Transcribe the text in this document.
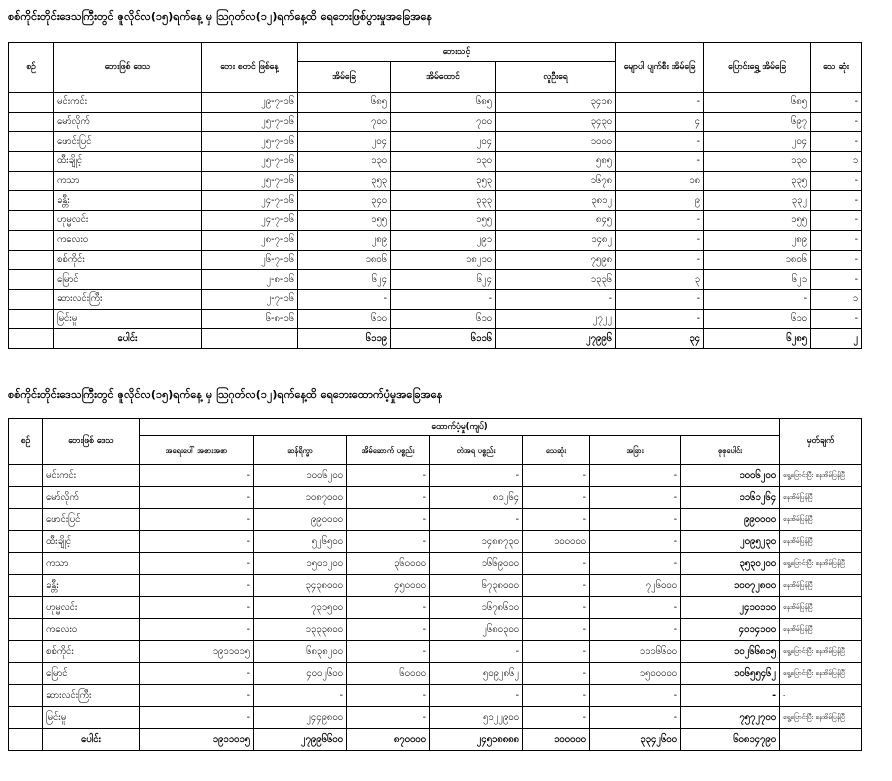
စစ်ကိုင်းတိုင်းဒေသကြီးတွင် ဇူလိုင်လ(၁၅)ရက်နေ့ မှ ဩဂုတ်လ(၁၂)ရက်နေ့ထိ ရေဘေးဖြစ်ပွားမှုအခြေအနေ
စဉ်	ဘေးဖြစ် ဒေသ	ဘေး စတင် ဖြစ်နေ့	ဘေးသင့်			မျောပါ ပျက်စီး အိမ်ခြေ	ပြောင်းရွှေ့ အိမ်ခြေ	သေ ဆုံး
			အိမ်ခြေ	အိမ်ထောင်	လူဦးရေ			
	မင်းကင်း	၂၉-၇-၁၆	၆၈၅	၆၈၅	၃၄၁၈	-	၆၈၅	-
	မော်လိုက်	၂၅-၇-၁၆	၇၀၀	၇၀၀	၃၄၃၀	၄	၆၉၇	-
	ဖောင်းပြင်	၂၅-၇-၁၆	၂၀၄	၂၀၄	၁၀၀၀	-	၂၀၄	-
	ထီးချိုင့်	၂၅-၇-၁၆	၁၃၀	၁၃၀	၅၈၅	-	၁၃၀	၁
	ကသာ	၂၅-၇-၁၆	၃၅၃	၃၅၃	၁၆၇၈	၁၈	၃၃၅	-
	ခန္တီး	၂၄-၇-၁၆	၃၄၀	၃၃၃	၃၈၁၂	၉	၃၃၂	-
	ဟုမ္မလင်း	၂၄-၇-၁၆	၁၅၅	၁၅၅	၈၄၅	-	၁၅၅	-
	ကလေးဝ	၂၈-၇-၁၆	၂၈၉	၂၉၁	၁၄၈၂	-	၂၈၉	-
	စစ်ကိုင်း	၂၆-၇-၁၆	၁၈၀၆	၁၈၂၁၀	၇၅၉၈	-	၁၈၀၆	-
	မြောင်	၂-၈-၁၆	၆၂၄	၆၂၄	၁၃၃၆	၃	၆၂၁	-
	ဆားလင်းကြီး	၂-၇-၁၆	-	-	-	-	-	၁
	မြင်းမူ	၆-၈-၁၆	၆၁၀	၆၁၀	၂၇၂၂	-	၆၁၀	-
	ပေါင်း		၆၁၁၉	၆၁၁၆	၂၇၉၉၆	၃၄	၆၂၈၅	၂
စစ်ကိုင်းတိုင်းဒေသကြီးတွင် ဇူလိုင်လ(၁၅)ရက်နေ့ မှ ဩဂုတ်လ(၁၂)ရက်နေ့ထိ ရေဘေးထောက်ပံ့မှုအခြေအနေ
စဉ်	ဘေးဖြစ် ဒေသ	ထောက်ပံ့မှု(ကျပ်)							မှတ်ချက်
		အရေးပေါ် အစားအစာ	ဆန်ရိက္ခာ	အိမ်ဆောက် ပစ္စည်း	တဲအရ ပစ္စည်း	သေဆုံး	အခြား	စုစုပေါင်း	
	မင်းကင်း	-	၁၀၀၆၂၀၀	-	-	-	-	၁၀၀၆၂၀၀	ရွေ့ပြောင်းပြီး နေအိမ်ပြန်ပြီ
	မော်လိုက်	-	၁၀၈၇၀၀၀	-	၈၁၂၆၄	-	-	၁၁၆၁၂၆၄	နေအိမ်ပြန်ပြီ
	ဖောင်းပြင်	-	၉၉၀၀၀၀	-	-	-	-	၉၉၀၀၀၀	နေအိမ်ပြန်ပြီ
	ထီးချိုင့်	-	၅၂၆၅၀၀	-	၁၄၈၈၇၃၀	၁၀၀၀၀၀	-	၂၀၉၅၂၃၀	နေအိမ်ပြန်ပြီ
	ကသာ	-	၁၅၀၁၂၀၀	၃၆၀၀၀၀	၁၆၆၉၀၀၀	-	-	၃၅၃၀၂၀၀	ရွေ့ပြောင်းပြီး နေအိမ်ပြန်ပြီ
	ခန္တီး	-	၃၄၃၈၀၀၀	၄၅၀၀၀၀	၆၇၃၈၀၀၀	-	၇၂၆၀၀၀	၁၀၀၇၂၈၀၀	နေအိမ်ပြန်ပြီ
	ဟုမ္မလင်း	-	၇၃၁၅၀၀	-	၁၆၇၈၆၁၀	-	-	၂၄၁၀၁၁၀	နေအိမ်ပြန်ပြီ
	ကလေးဝ	-	၁၃၃၃၈၀၀	-	၂၆၈၀၃၀၀	-	-	၄၀၁၄၁၀၀	နေအိမ်ပြန်ပြီ
	စစ်ကိုင်း	၁၉၁၁၀၁၅	၆၈၃၈၂၀၀	-	-	-	၁၁၁၆၆၀၀	၁၀၂၆၆၈၁၅	ရွေ့ပြောင်းပြီး နေအိမ်ပြန်ပြီ
	မြောင်	-	၄၀၀၂၆၀၀	၆၀၀၀၀	၅၀၉၂၈၆၂	-	၁၅၀၀၀၀၀	၁၀၆၅၅၄၆၂	ရွေ့ပြောင်းပြီး နေအိမ်ပြန်ပြီ
	ဆားလင်းကြီး	-	-	-	-	-	-	-	-
	မြင်းမူ	-	၂၄၄၉၈၀၀	-	၅၁၂၂၉၀၀	-	-	၇၅၇၂၇၀၀	ရွေ့ပြောင်းပြီး နေအိမ်ပြန်ပြီ
	ပေါင်း	၁၉၁၁၀၁၅	၂၇၉၉၆၆၀၀	၈၇၀၀၀၀	၂၄၅၁၈၈၈၈	၁၀၀၀၀၀	၃၃၄၂၆၀၀	၆၀၈၁၄၇၉၀	
